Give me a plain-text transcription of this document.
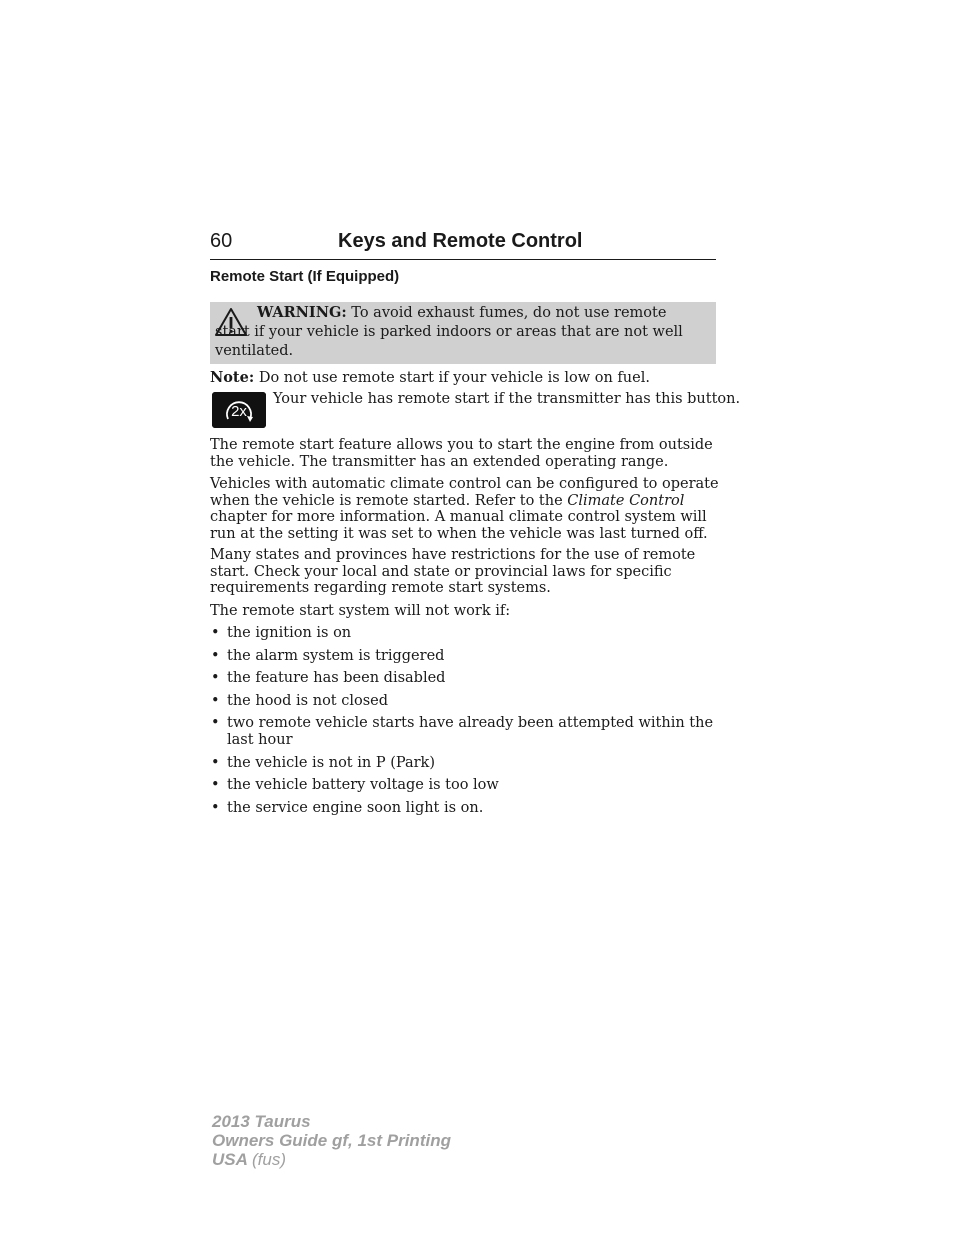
60	Keys and Remote Control
Remote Start (If Equipped)
WARNING: To avoid exhaust fumes, do not use remote start if your vehicle is parked indoors or areas that are not well ventilated.
Note: Do not use remote start if your vehicle is low on fuel.
2x
Your vehicle has remote start if the transmitter has this button.

The remote start feature allows you to start the engine from outside the vehicle. The transmitter has an extended operating range.

Vehicles with automatic climate control can be configured to operate when the vehicle is remote started. Refer to the Climate Control chapter for more information. A manual climate control system will run at the setting it was set to when the vehicle was last turned off.

Many states and provinces have restrictions for the use of remote start. Check your local and state or provincial laws for specific requirements regarding remote start systems.

The remote start system will not work if:

• the ignition is on
• the alarm system is triggered
• the feature has been disabled
• the hood is not closed
• two remote vehicle starts have already been attempted within the last hour
• the vehicle is not in P (Park)
• the vehicle battery voltage is too low
• the service engine soon light is on.
2013 Taurus
Owners Guide gf, 1st Printing
USA (fus)
